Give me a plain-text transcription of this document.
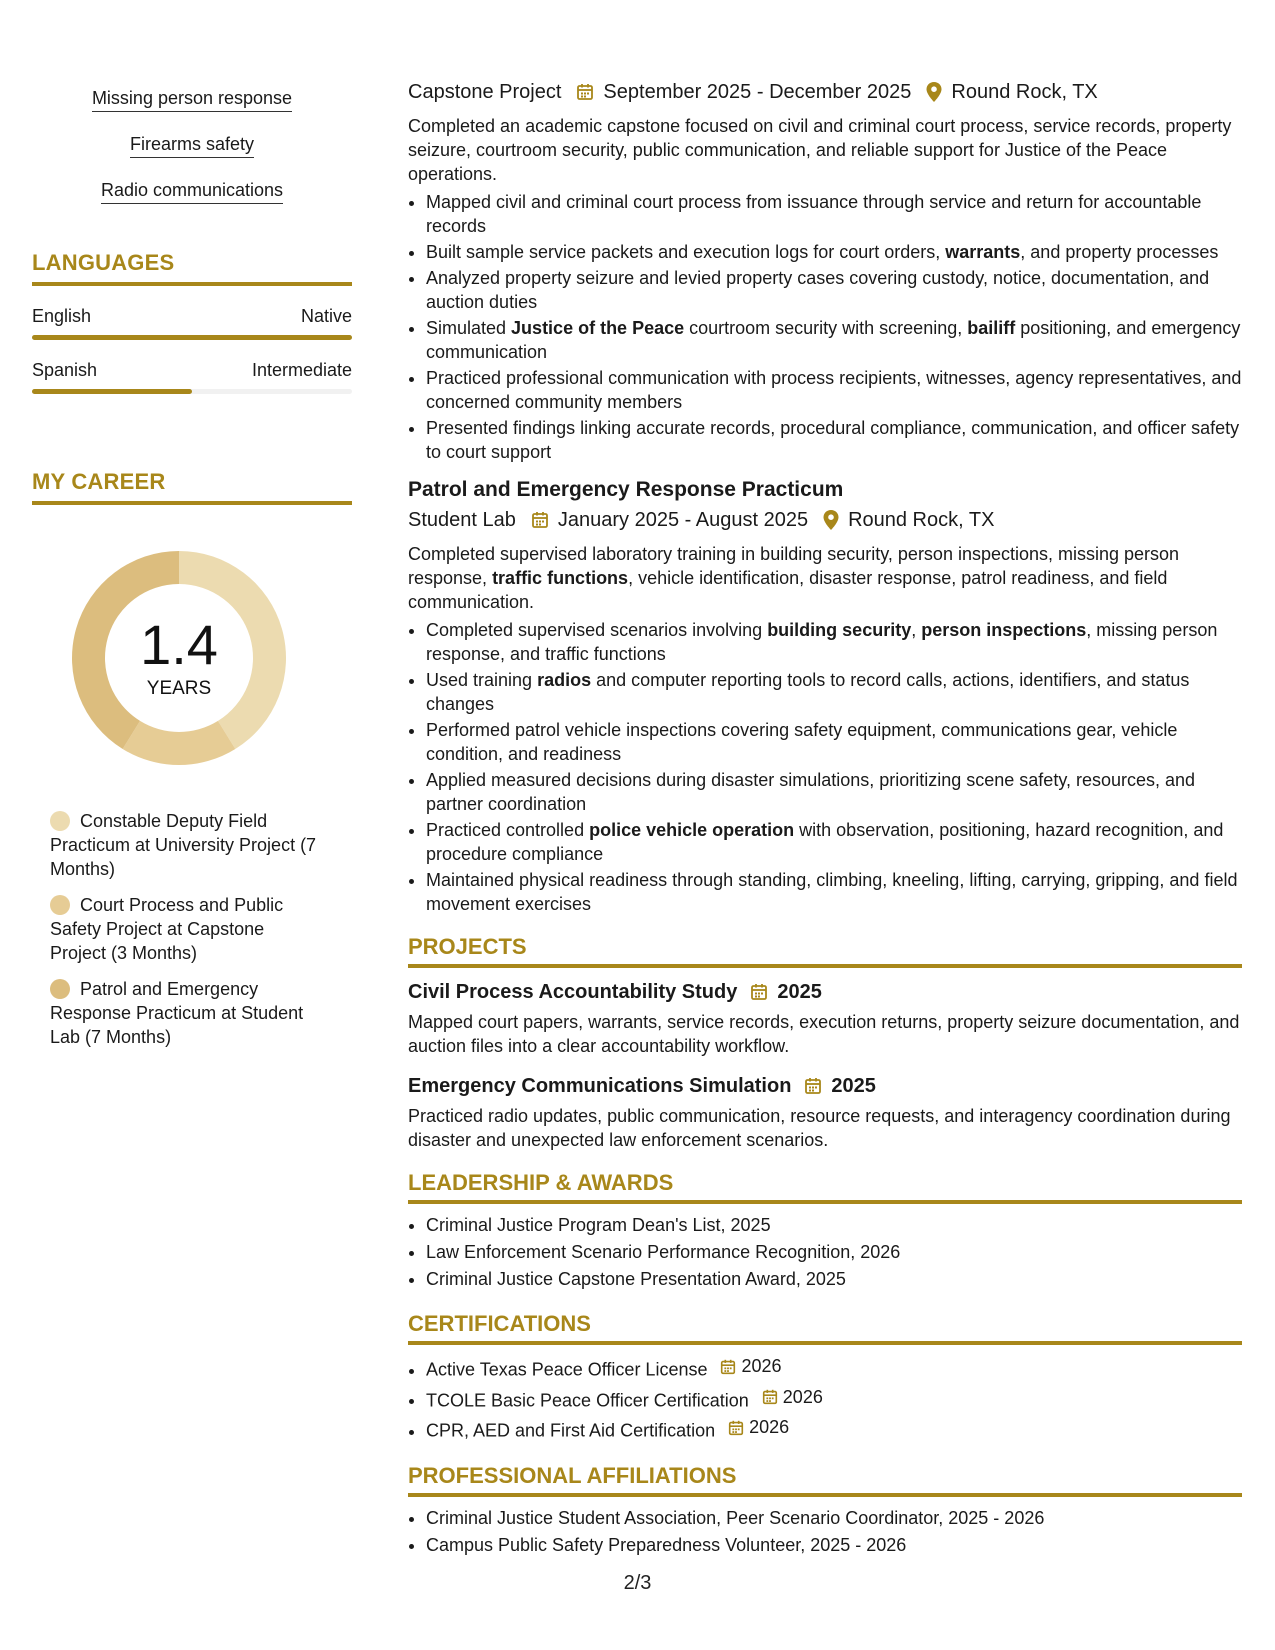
Missing person response
Firearms safety
Radio communications
LANGUAGES
English	Native
Spanish	Intermediate
MY CAREER
1.4
YEARS
Constable Deputy Field Practicum at University Project (7 Months)
Court Process and Public Safety Project at Capstone Project (3 Months)
Patrol and Emergency Response Practicum at Student Lab (7 Months)
Capstone Project September 2025 - December 2025 Round Rock, TX
Completed an academic capstone focused on civil and criminal court process, service records, property seizure, courtroom security, public communication, and reliable support for Justice of the Peace operations.
• Mapped civil and criminal court process from issuance through service and return for accountable records
• Built sample service packets and execution logs for court orders, warrants, and property processes
• Analyzed property seizure and levied property cases covering custody, notice, documentation, and auction duties
• Simulated Justice of the Peace courtroom security with screening, bailiff positioning, and emergency communication
• Practiced professional communication with process recipients, witnesses, agency representatives, and concerned community members
• Presented findings linking accurate records, procedural compliance, communication, and officer safety to court support
Patrol and Emergency Response Practicum
Student Lab January 2025 - August 2025 Round Rock, TX
Completed supervised laboratory training in building security, person inspections, missing person response, traffic functions, vehicle identification, disaster response, patrol readiness, and field communication.
• Completed supervised scenarios involving building security, person inspections, missing person response, and traffic functions
• Used training radios and computer reporting tools to record calls, actions, identifiers, and status changes
• Performed patrol vehicle inspections covering safety equipment, communications gear, vehicle condition, and readiness
• Applied measured decisions during disaster simulations, prioritizing scene safety, resources, and partner coordination
• Practiced controlled police vehicle operation with observation, positioning, hazard recognition, and procedure compliance
• Maintained physical readiness through standing, climbing, kneeling, lifting, carrying, gripping, and field movement exercises
PROJECTS
Civil Process Accountability Study 2025
Mapped court papers, warrants, service records, execution returns, property seizure documentation, and auction files into a clear accountability workflow.
Emergency Communications Simulation 2025
Practiced radio updates, public communication, resource requests, and interagency coordination during disaster and unexpected law enforcement scenarios.
LEADERSHIP & AWARDS
• Criminal Justice Program Dean's List, 2025
• Law Enforcement Scenario Performance Recognition, 2026
• Criminal Justice Capstone Presentation Award, 2025
CERTIFICATIONS
• Active Texas Peace Officer License 2026
• TCOLE Basic Peace Officer Certification 2026
• CPR, AED and First Aid Certification 2026
PROFESSIONAL AFFILIATIONS
• Criminal Justice Student Association, Peer Scenario Coordinator, 2025 - 2026
• Campus Public Safety Preparedness Volunteer, 2025 - 2026
2/3
